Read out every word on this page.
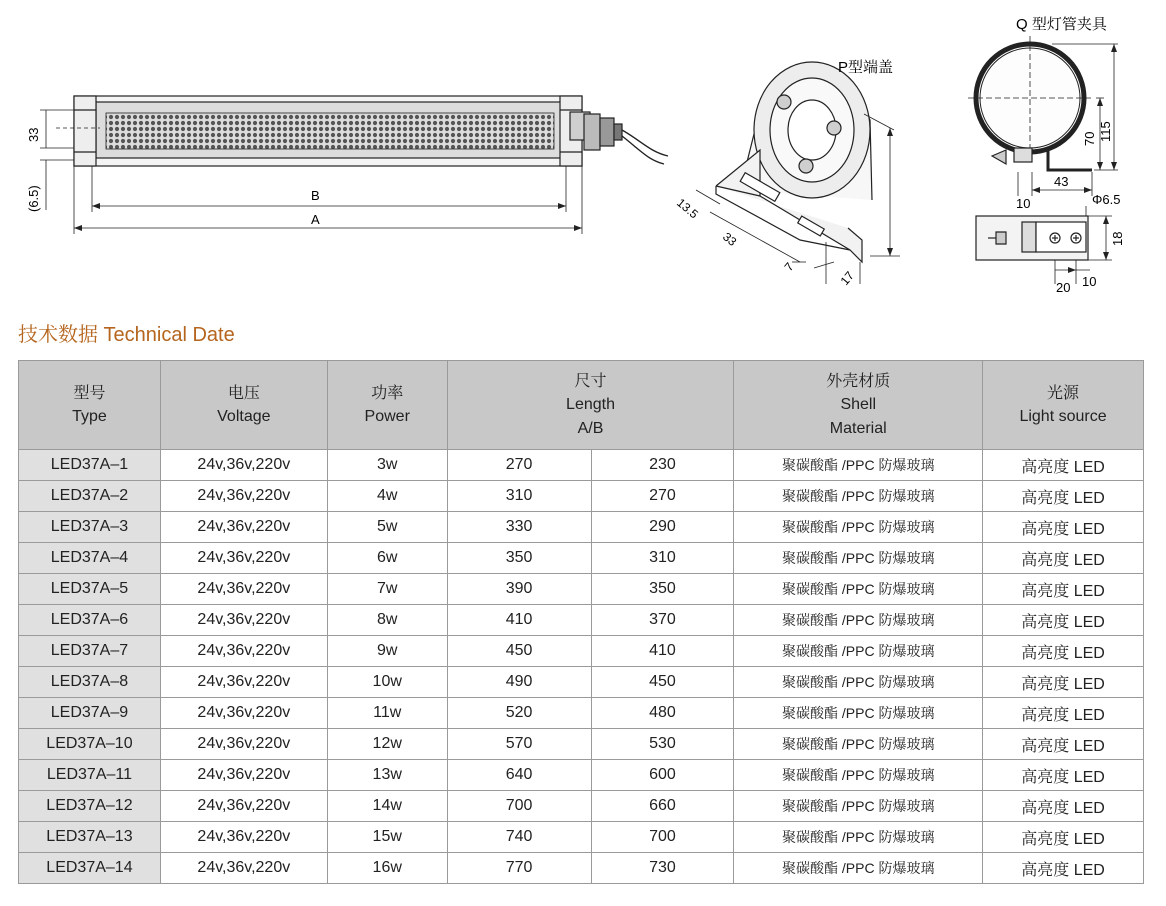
33
(6.5)	B
A
P型端盖
13.5
33
7
17
Q 型灯管夹具
70 115
10
43
Φ6.5
18
20 10
技术数据 Technical Date
型号
Type	电压
Voltage	功率
Power	尺寸
Length
A/B		外壳材质
Shell
Material	光源
Light source

LED37A–1	24v,36v,220v	3w	270	230	聚碳酸酯 /PPC 防爆玻璃	高亮度 LED
LED37A–2	24v,36v,220v	4w	310	270	聚碳酸酯 /PPC 防爆玻璃	高亮度 LED
LED37A–3	24v,36v,220v	5w	330	290	聚碳酸酯 /PPC 防爆玻璃	高亮度 LED
LED37A–4	24v,36v,220v	6w	350	310	聚碳酸酯 /PPC 防爆玻璃	高亮度 LED
LED37A–5	24v,36v,220v	7w	390	350	聚碳酸酯 /PPC 防爆玻璃	高亮度 LED
LED37A–6	24v,36v,220v	8w	410	370	聚碳酸酯 /PPC 防爆玻璃	高亮度 LED
LED37A–7	24v,36v,220v	9w	450	410	聚碳酸酯 /PPC 防爆玻璃	高亮度 LED
LED37A–8	24v,36v,220v	10w	490	450	聚碳酸酯 /PPC 防爆玻璃	高亮度 LED
LED37A–9	24v,36v,220v	11w	520	480	聚碳酸酯 /PPC 防爆玻璃	高亮度 LED
LED37A–10	24v,36v,220v	12w	570	530	聚碳酸酯 /PPC 防爆玻璃	高亮度 LED
LED37A–11	24v,36v,220v	13w	640	600	聚碳酸酯 /PPC 防爆玻璃	高亮度 LED
LED37A–12	24v,36v,220v	14w	700	660	聚碳酸酯 /PPC 防爆玻璃	高亮度 LED
LED37A–13	24v,36v,220v	15w	740	700	聚碳酸酯 /PPC 防爆玻璃	高亮度 LED
LED37A–14	24v,36v,220v	16w	770	730	聚碳酸酯 /PPC 防爆玻璃	高亮度 LED
